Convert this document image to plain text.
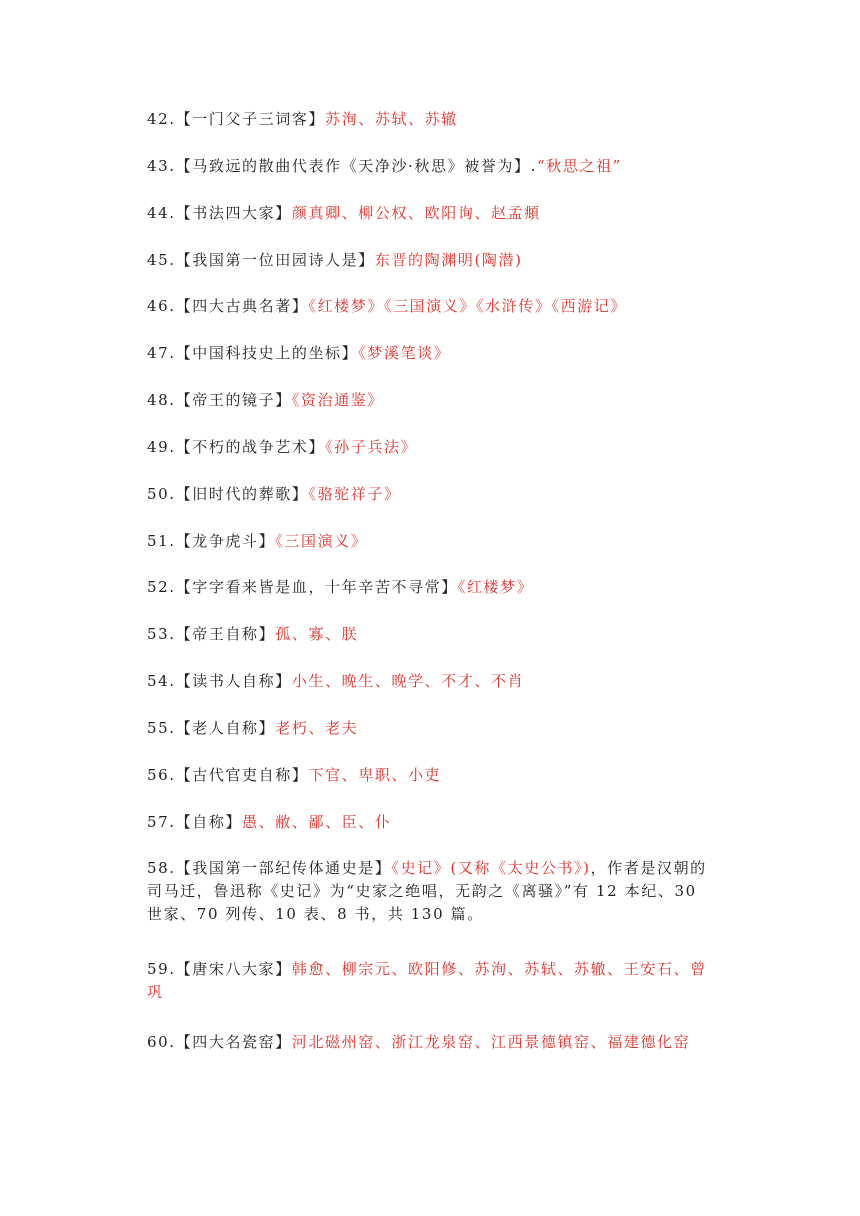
42.【一门父子三词客】苏洵、苏轼、苏辙

43.【马致远的散曲代表作《天净沙·秋思》被誉为】.“秋思之祖”

44.【书法四大家】颜真卿、柳公权、欧阳询、赵孟頫

45.【我国第一位田园诗人是】东晋的陶渊明(陶潜)

46.【四大古典名著】《红楼梦》《三国演义》《水浒传》《西游记》

47.【中国科技史上的坐标】《梦溪笔谈》

48.【帝王的镜子】《资治通鉴》

49.【不朽的战争艺术】《孙子兵法》

50.【旧时代的葬歌】《骆驼祥子》

51.【龙争虎斗】《三国演义》

52.【字字看来皆是血，十年辛苦不寻常】《红楼梦》

53.【帝王自称】孤、寡、朕

54.【读书人自称】小生、晚生、晚学、不才、不肖

55.【老人自称】老朽、老夫

56.【古代官吏自称】下官、卑职、小吏

57.【自称】愚、敝、鄙、臣、仆

58.【我国第一部纪传体通史是】《史记》(又称《太史公书》)，作者是汉朝的司马迁，鲁迅称《史记》为“史家之绝唱，无韵之《离骚》”有 12 本纪、30 世家、70 列传、10 表、8 书，共 130 篇。

59.【唐宋八大家】韩愈、柳宗元、欧阳修、苏洵、苏轼、苏辙、王安石、曾巩

60.【四大名瓷窑】河北磁州窑、浙江龙泉窑、江西景德镇窑、福建德化窑
